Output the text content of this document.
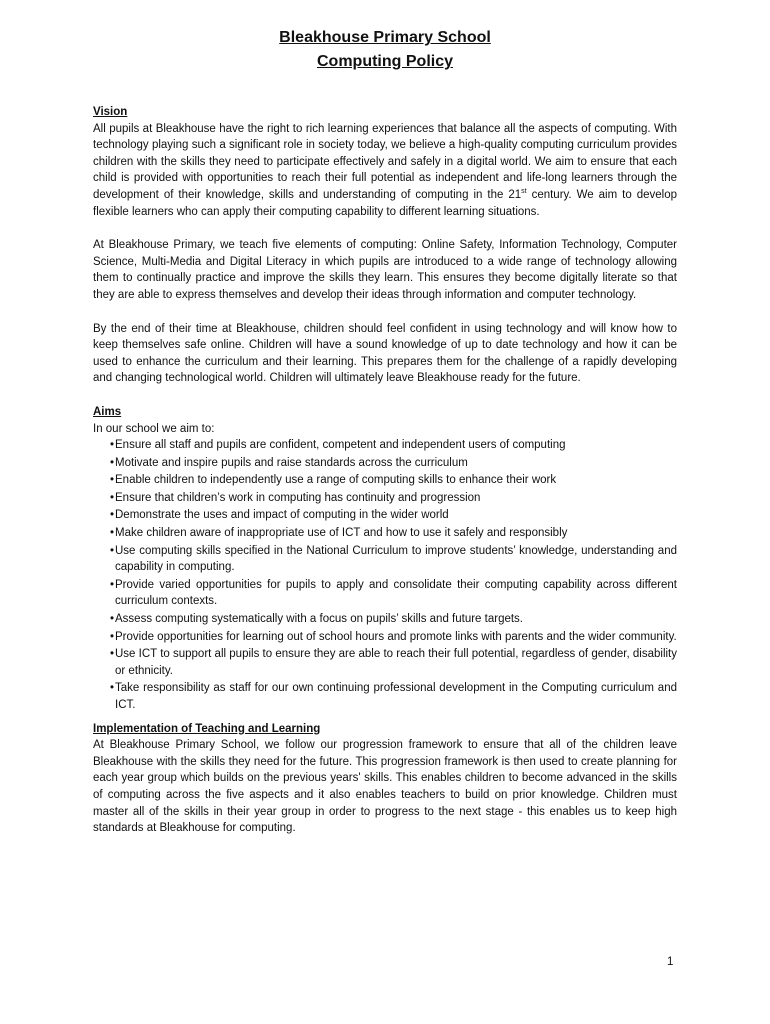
Bleakhouse Primary School
Computing Policy
Vision

All pupils at Bleakhouse have the right to rich learning experiences that balance all the aspects of computing. With technology playing such a significant role in society today, we believe a high-quality computing curriculum provides children with the skills they need to participate effectively and safely in a digital world. We aim to ensure that each child is provided with opportunities to reach their full potential as independent and life-long learners through the development of their knowledge, skills and understanding of computing in the 21st century. We aim to develop flexible learners who can apply their computing capability to different learning situations.

At Bleakhouse Primary, we teach five elements of computing: Online Safety, Information Technology, Computer Science, Multi-Media and Digital Literacy in which pupils are introduced to a wide range of technology allowing them to continually practice and improve the skills they learn. This ensures they become digitally literate so that they are able to express themselves and develop their ideas through information and computer technology.

By the end of their time at Bleakhouse, children should feel confident in using technology and will know how to keep themselves safe online. Children will have a sound knowledge of up to date technology and how it can be used to enhance the curriculum and their learning. This prepares them for the challenge of a rapidly developing and changing technological world. Children will ultimately leave Bleakhouse ready for the future.

Aims

In our school we aim to:

• Ensure all staff and pupils are confident, competent and independent users of computing
• Motivate and inspire pupils and raise standards across the curriculum
• Enable children to independently use a range of computing skills to enhance their work
• Ensure that children’s work in computing has continuity and progression
• Demonstrate the uses and impact of computing in the wider world
• Make children aware of inappropriate use of ICT and how to use it safely and responsibly
• Use computing skills specified in the National Curriculum to improve students’ knowledge, understanding and capability in computing.
• Provide varied opportunities for pupils to apply and consolidate their computing capability across different curriculum contexts.
• Assess computing systematically with a focus on pupils’ skills and future targets.
• Provide opportunities for learning out of school hours and promote links with parents and the wider community.
• Use ICT to support all pupils to ensure they are able to reach their full potential, regardless of gender, disability or ethnicity.
• Take responsibility as staff for our own continuing professional development in the Computing curriculum and ICT.
Implementation of Teaching and Learning

At Bleakhouse Primary School, we follow our progression framework to ensure that all of the children leave Bleakhouse with the skills they need for the future. This progression framework is then used to create planning for each year group which builds on the previous years' skills. This enables children to become advanced in the skills of computing across the five aspects and it also enables teachers to build on prior knowledge. Children must master all of the skills in their year group in order to progress to the next stage - this enables us to keep high standards at Bleakhouse for computing.

1
